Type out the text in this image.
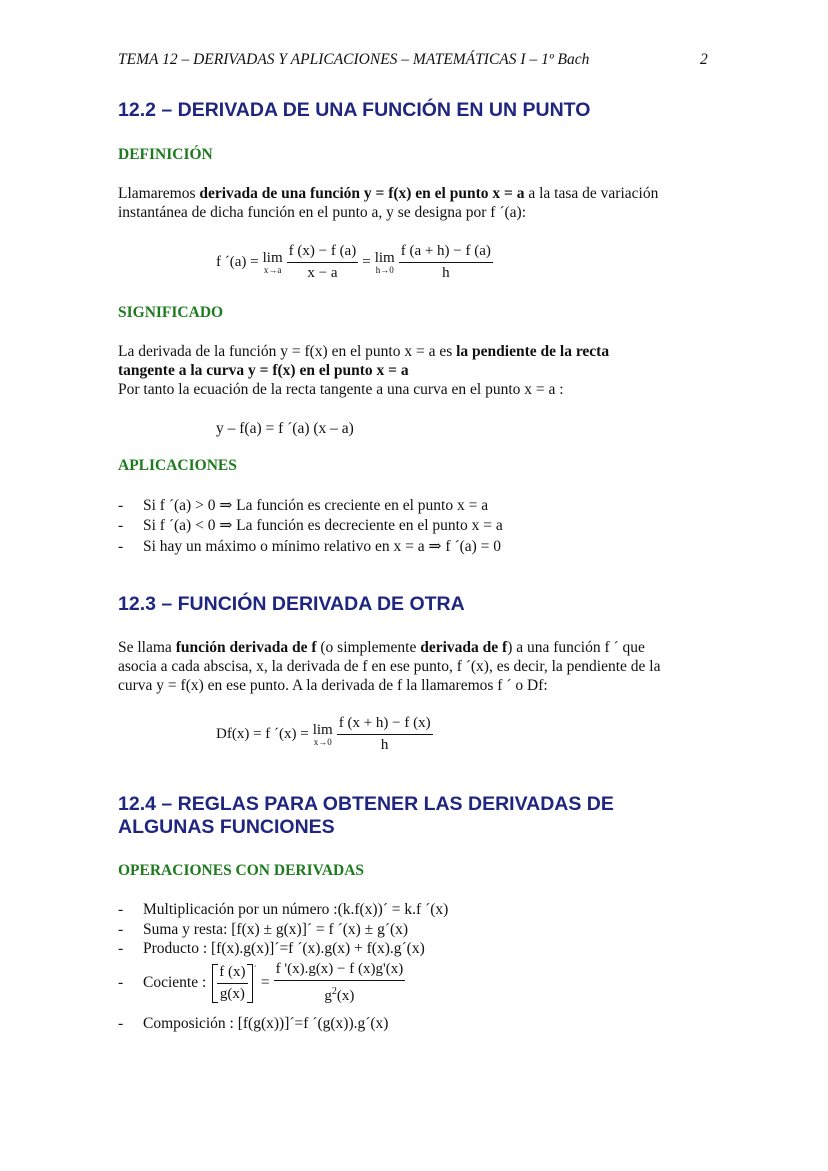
TEMA 12 – DERIVADAS Y APLICACIONES – MATEMÁTICAS I – 1º Bach	2
12.2 – DERIVADA DE UNA FUNCIÓN EN UN PUNTO
DEFINICIÓN
Llamaremos derivada de una función y = f(x) en el punto x = a a la tasa de variación
instantánea de dicha función en el punto a, y se designa por f ´(a):
f ´(a) = lim
$x\to a \frac{f (x) - f (a)}{x - a} = \lim$
$h\to 0 \frac{f (a + h) - f (a)}{h}$
SIGNIFICADO
La derivada de la función y = f(x) en el punto x = a es la pendiente de la recta
tangente a la curva y = f(x) en el punto x = a
Por tanto la ecuación de la recta tangente a una curva en el punto x = a :
y – f(a) = f ´(a) (x – a)
APLICACIONES
- Si f ´(a) > 0 ⇒ La función es creciente en el punto x = a
- Si f ´(a) < 0 ⇒ La función es decreciente en el punto x = a
- Si hay un máximo o mínimo relativo en x = a ⇒ f ´(a) = 0
12.3 – FUNCIÓN DERIVADA DE OTRA
Se llama función derivada de f (o simplemente derivada de f) a una función f ´ que
asocia a cada abscisa, x, la derivada de f en ese punto, f ´(x), es decir, la pendiente de la
curva y = f(x) en ese punto. A la derivada de f la llamaremos f ´ o Df:
Df(x) = f ´(x) = lim
$x\to 0 \frac{f (x + h) - f (x)}{h}$
12.4 – REGLAS PARA OBTENER LAS DERIVADAS DE
ALGUNAS FUNCIONES
OPERACIONES CON DERIVADAS
- Multiplicación por un número :(k.f(x))´ = k.f ´(x)
- Suma y resta: [f(x) ± g(x)]´ = f ´(x) ± g´(x)
- Producto : [f(x).g(x)]´=f ´(x).g(x) + f(x).g´(x)
-	Cociente : $\frac{f (x)}{g(x)}$ ´
= $\frac{f '(x).g(x) - f (x)g'(x)}{g^2(x)}$
- Composición : [f(g(x))]´=f ´(g(x)).g´(x)
